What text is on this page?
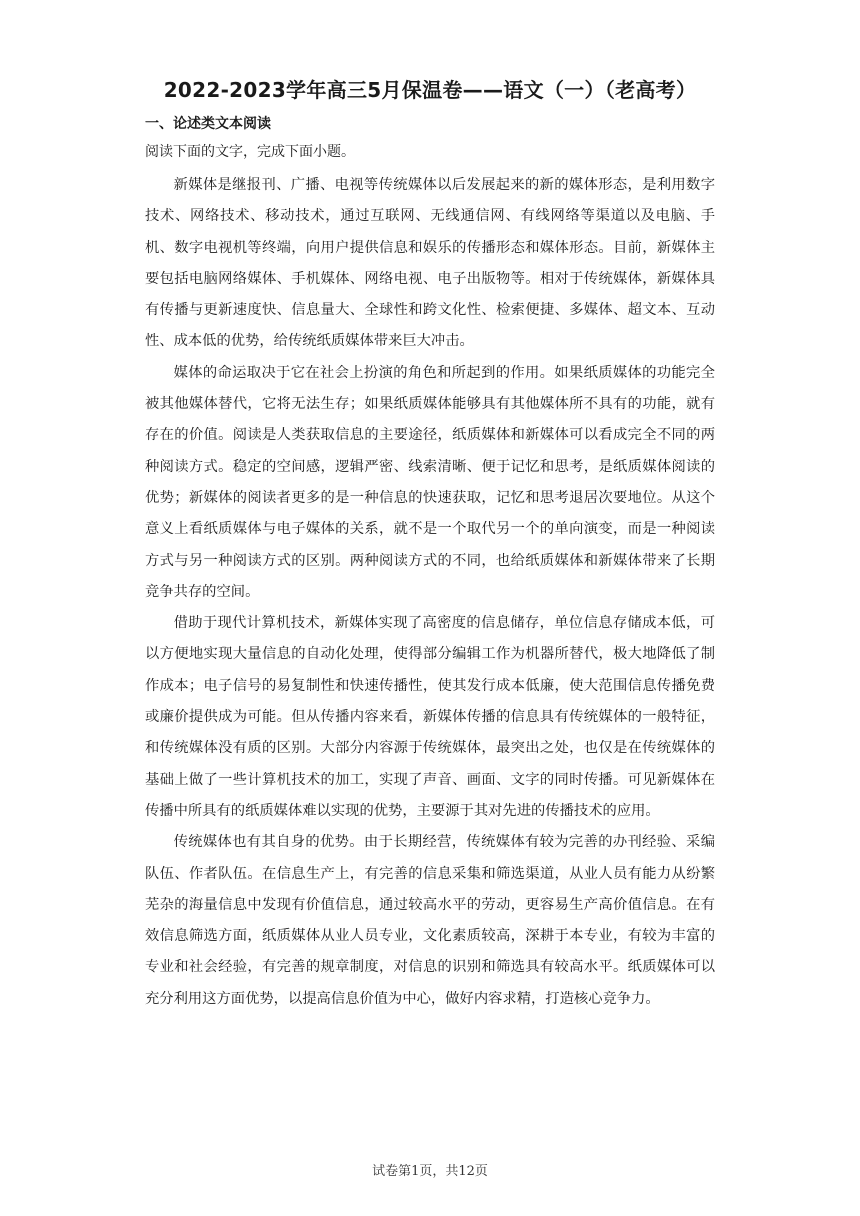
2022-2023学年高三5月保温卷——语文（一）（老高考）
一、论述类文本阅读
阅读下面的文字，完成下面小题。

新媒体是继报刊、广播、电视等传统媒体以后发展起来的新的媒体形态，是利用数字技术、网络技术、移动技术，通过互联网、无线通信网、有线网络等渠道以及电脑、手机、数字电视机等终端，向用户提供信息和娱乐的传播形态和媒体形态。目前，新媒体主要包括电脑网络媒体、手机媒体、网络电视、电子出版物等。相对于传统媒体，新媒体具有传播与更新速度快、信息量大、全球性和跨文化性、检索便捷、多媒体、超文本、互动性、成本低的优势，给传统纸质媒体带来巨大冲击。

媒体的命运取决于它在社会上扮演的角色和所起到的作用。如果纸质媒体的功能完全被其他媒体替代，它将无法生存；如果纸质媒体能够具有其他媒体所不具有的功能，就有存在的价值。阅读是人类获取信息的主要途径，纸质媒体和新媒体可以看成完全不同的两种阅读方式。稳定的空间感，逻辑严密、线索清晰、便于记忆和思考，是纸质媒体阅读的优势；新媒体的阅读者更多的是一种信息的快速获取，记忆和思考退居次要地位。从这个意义上看纸质媒体与电子媒体的关系，就不是一个取代另一个的单向演变，而是一种阅读方式与另一种阅读方式的区别。两种阅读方式的不同，也给纸质媒体和新媒体带来了长期竞争共存的空间。

借助于现代计算机技术，新媒体实现了高密度的信息储存，单位信息存储成本低，可以方便地实现大量信息的自动化处理，使得部分编辑工作为机器所替代，极大地降低了制作成本；电子信号的易复制性和快速传播性，使其发行成本低廉，使大范围信息传播免费或廉价提供成为可能。但从传播内容来看，新媒体传播的信息具有传统媒体的一般特征，和传统媒体没有质的区别。大部分内容源于传统媒体，最突出之处，也仅是在传统媒体的基础上做了一些计算机技术的加工，实现了声音、画面、文字的同时传播。可见新媒体在传播中所具有的纸质媒体难以实现的优势，主要源于其对先进的传播技术的应用。

传统媒体也有其自身的优势。由于长期经营，传统媒体有较为完善的办刊经验、采编队伍、作者队伍。在信息生产上，有完善的信息采集和筛选渠道，从业人员有能力从纷繁芜杂的海量信息中发现有价值信息，通过较高水平的劳动，更容易生产高价值信息。在有效信息筛选方面，纸质媒体从业人员专业，文化素质较高，深耕于本专业，有较为丰富的专业和社会经验，有完善的规章制度，对信息的识别和筛选具有较高水平。纸质媒体可以充分利用这方面优势，以提高信息价值为中心，做好内容求精，打造核心竞争力。

试卷第1页，共12页
